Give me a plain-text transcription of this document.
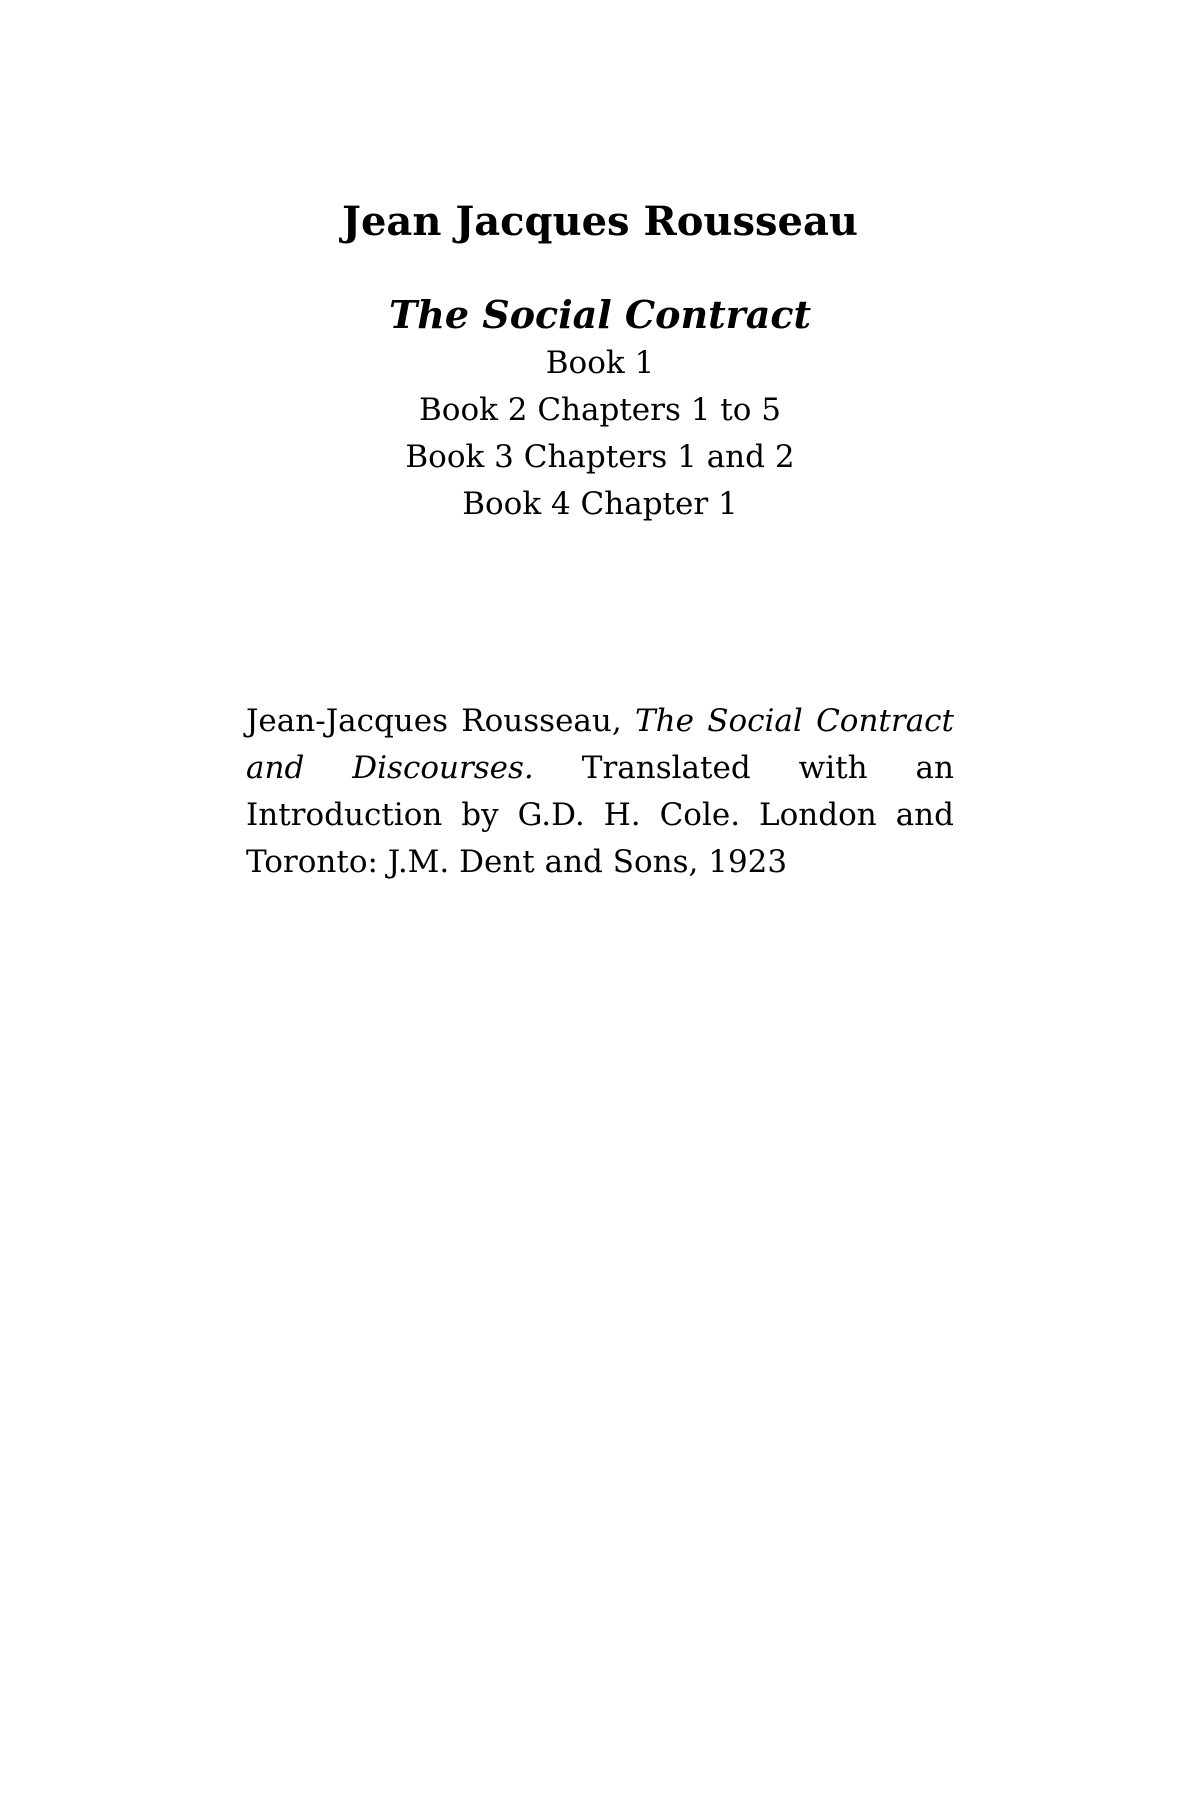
Jean Jacques Rousseau
The Social Contract
Book 1
Book 2 Chapters 1 to 5
Book 3 Chapters 1 and 2
Book 4 Chapter 1

Jean-Jacques Rousseau, The Social Contract and Discourses. Translated with an Introduction by G.D. H. Cole. London and Toronto: J.M. Dent and Sons, 1923
